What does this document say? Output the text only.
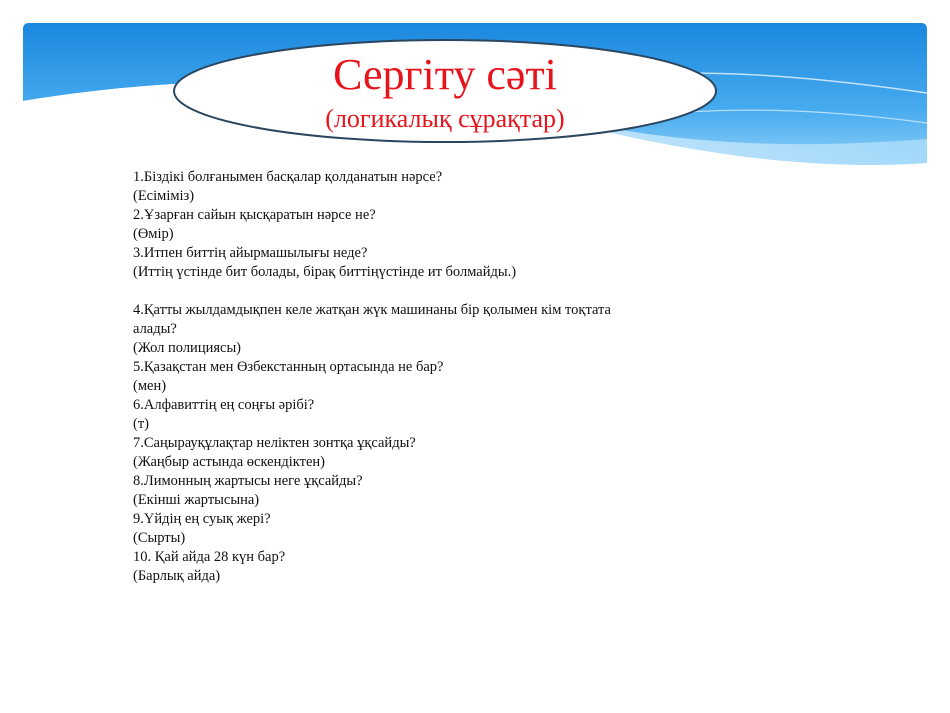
Сергіту сәті
(логикалық сұрақтар)

1.Біздікі болғанымен басқалар қолданатын нәрсе?

(Есіміміз)

2.Ұзарған сайын қысқаратын нәрсе не?

(Өмір)

3.Итпен биттің айырмашылығы неде?

(Иттің үстінде бит болады, бірақ биттіңүстінде ит болмайды.)

4.Қатты жылдамдықпен келе жатқан жүк машинаны бір қолымен кім тоқтата

алады?

(Жол полициясы)

5.Қазақстан мен Өзбекстанның ортасында не бар?

(мен)

6.Алфавиттің ең соңғы әрібі?

(т)

7.Саңырауқұлақтар неліктен зонтқа ұқсайды?

(Жаңбыр астында өскендіктен)

8.Лимонның жартысы неге ұқсайды?

(Екінші жартысына)

9.Үйдің ең суық жері?

(Сырты)

10. Қай айда 28 күн бар?

(Барлық айда)
